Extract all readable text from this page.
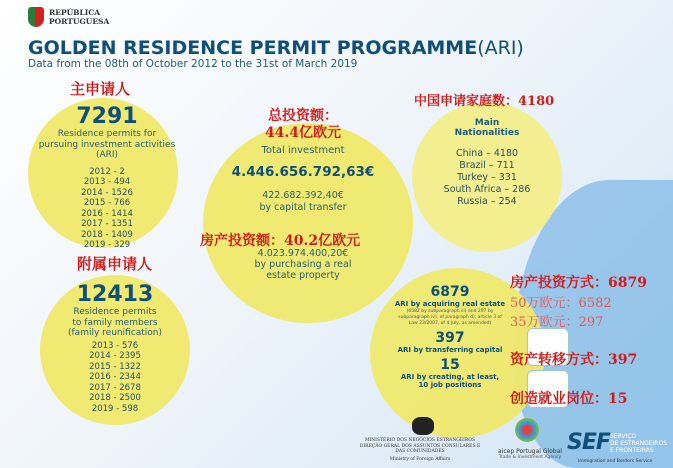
REPÚBLICA
PORTUGUESA
GOLDEN RESIDENCE PERMIT PROGRAMME(ARI)
Data from the 08th of October 2012 to the 31st of March 2019
主申请人
7291
Residence permits for
pursuing investment activities (ARI)
2012 - 2
2013 - 494
2014 - 1526
2015 - 766
2016 - 1414
2017 - 1351
2018 - 1409
2019 - 329
附属申请人
12413
Residence permits
to family members
(family reunification)
2013 - 576
2014 - 2395
2015 - 1322
2016 - 2344
2017 - 2678
2018 - 2500
2019 - 598
总投资额：
44.4亿欧元
Total investment
4.446.656.792,63€
422.682.392,40€
by capital transfer
房产投资额：40.2亿欧元
4.023.974.400,20€
by purchasing a real
estate property
中国申请家庭数：4180
Main
Nationalities
China – 4180
Brazil – 711
Turkey – 331
South Africa – 286
Russia – 254
6879
ARI by acquiring real estate
(6582 by subparagraph iii) and 297 by subparagraph iv), of paragraph d), article 3 of Law 23/2007, of 4 July, as amended)
397
ARI by transferring capital
15
ARI by creating, at least,
10 job positions
房产投资方式：6879
50万欧元：6582
35万欧元：297
资产转移方式：397
创造就业岗位：15
MINISTÉRIO DOS NEGÓCIOS ESTRANGEIROS
DIREÇÃO GERAL DOS ASSUNTOS CONSULARES E
DAS COMUNIDADES
Ministry of Foreign Affairs
aicep Portugal Global
Trade & Investment Agency
SEF SERVIÇO
DE ESTRANGEIROS
E FRONTEIRAS
Immigration and Borders Service
